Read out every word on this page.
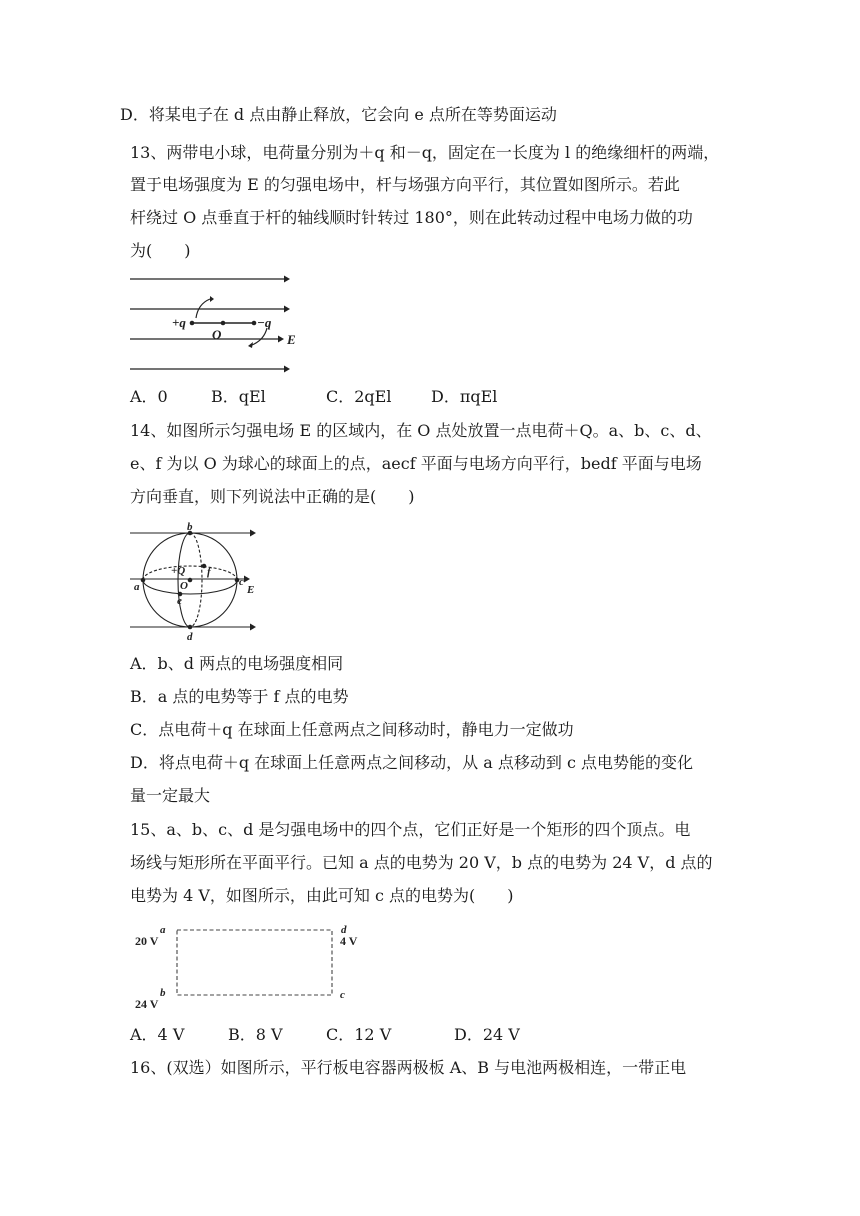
D．将某电子在 d 点由静止释放，它会向 e 点所在等势面运动
13、两带电小球，电荷量分别为＋q 和－q，固定在一长度为 l 的绝缘细杆的两端，
置于电场强度为 E 的匀强电场中，杆与场强方向平行，其位置如图所示。若此
杆绕过 O 点垂直于杆的轴线顺时针转过 180°，则在此转动过程中电场力做的功
为(　　)
+q	−q
O	E
A．0	B．qEl	C．2qEl D．πqEl
14、如图所示匀强电场 E 的区域内，在 O 点处放置一点电荷＋Q。a、b、c、d、
e、f 为以 O 为球心的球面上的点，aecf 平面与电场方向平行，bedf 平面与电场
方向垂直，则下列说法中正确的是(　　)
b
a	c
d
e
f
+Q
O	E
A．b、d 两点的电场强度相同
B．a 点的电势等于 f 点的电势
C．点电荷＋q 在球面上任意两点之间移动时，静电力一定做功
D．将点电荷＋q 在球面上任意两点之间移动，从 a 点移动到 c 点电势能的变化
量一定最大
15、a、b、c、d 是匀强电场中的四个点，它们正好是一个矩形的四个顶点。电
场线与矩形所在平面平行。已知 a 点的电势为 20 V，b 点的电势为 24 V，d 点的
电势为 4 V，如图所示，由此可知 c 点的电势为(　　)
a
b	c
d
20 V
24 V
4 V
A．4 V	B．8 V	C．12 V	D．24 V
16、(双选）如图所示，平行板电容器两极板 A、B 与电池两极相连，一带正电
